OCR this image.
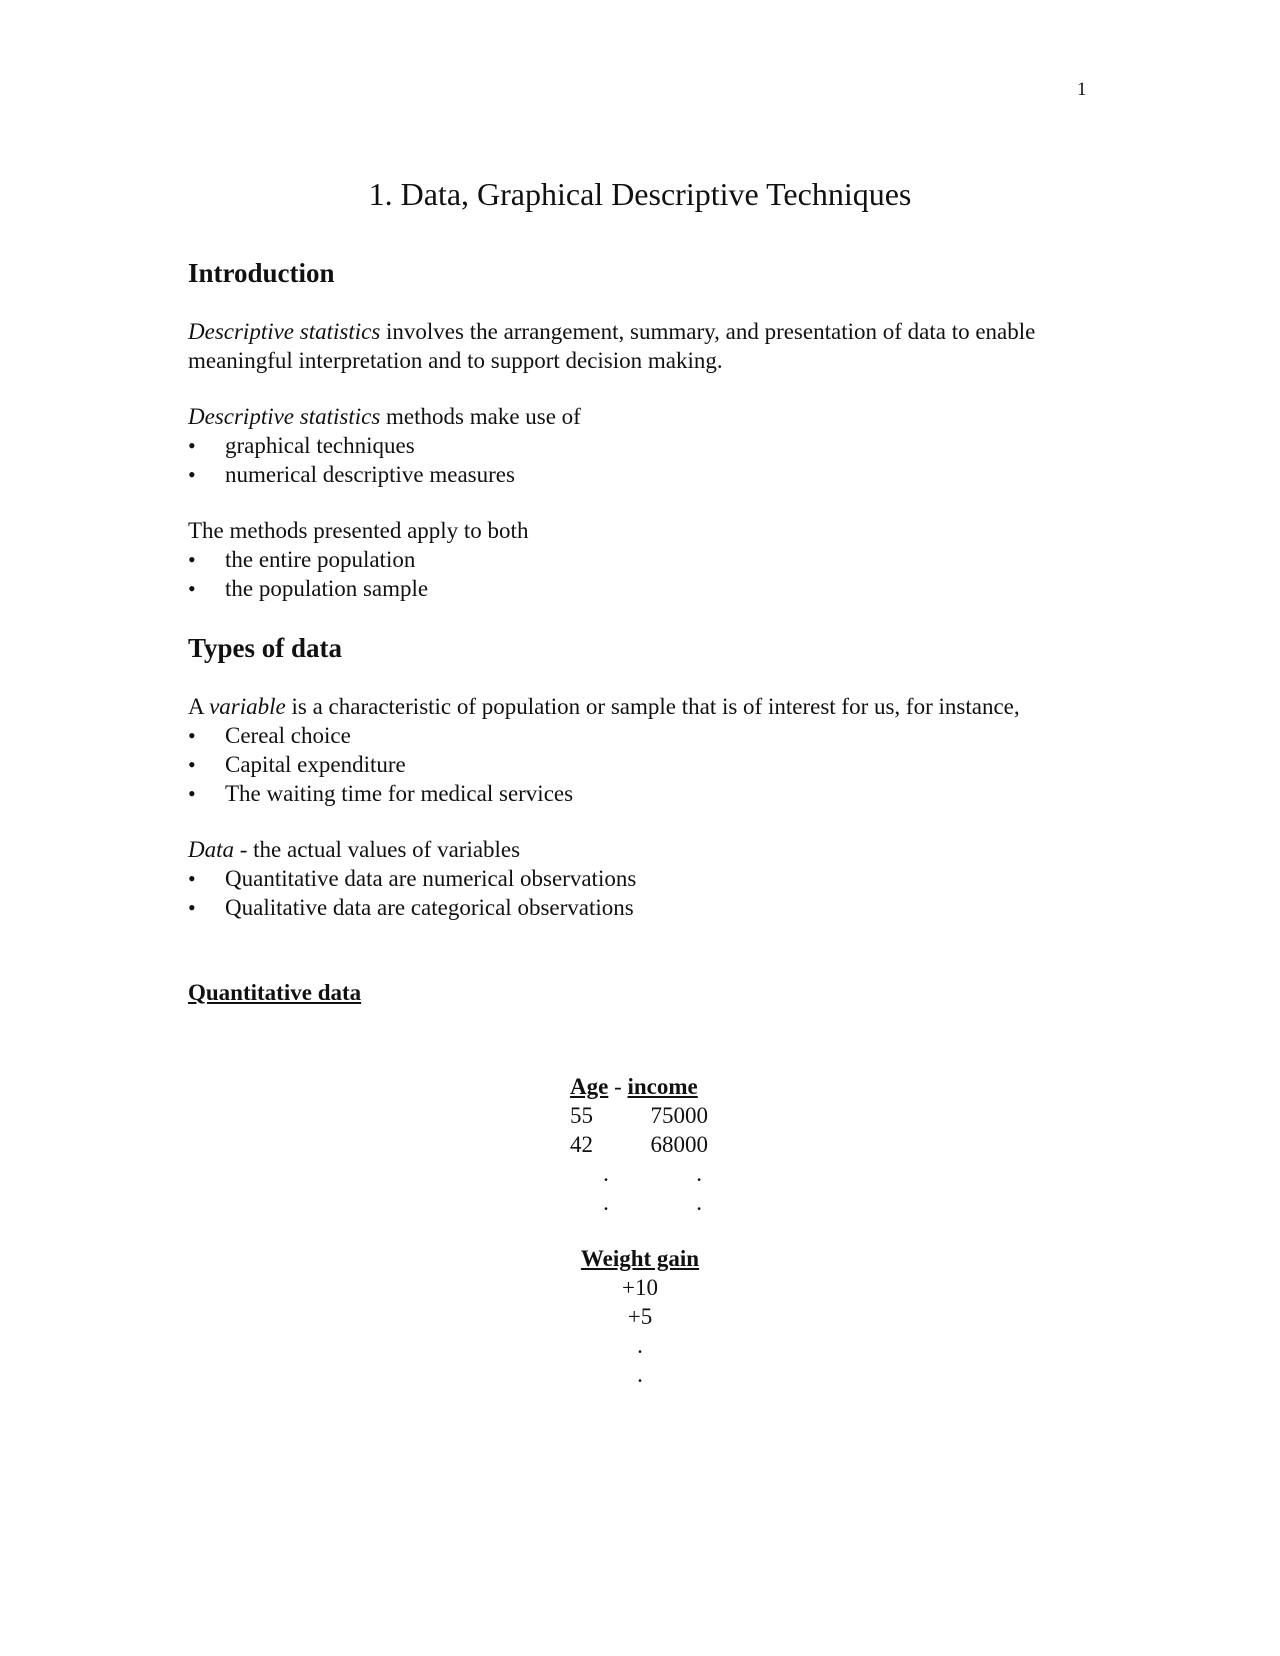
1
1. Data, Graphical Descriptive Techniques
Introduction

Descriptive statistics involves the arrangement, summary, and presentation of data to enable meaningful interpretation and to support decision making.

Descriptive statistics methods make use of

• graphical techniques
• numerical descriptive measures

The methods presented apply to both

• the entire population
• the population sample
Types of data

A variable is a characteristic of population or sample that is of interest for us, for instance,

• Cereal choice
• Capital expenditure
• The waiting time for medical services

Data - the actual values of variables

• Quantitative data are numerical observations
• Qualitative data are categorical observations

Quantitative data

Age - income
55	75000
42	68000
.	.
.	.
Weight gain
+10
+5
.
.
